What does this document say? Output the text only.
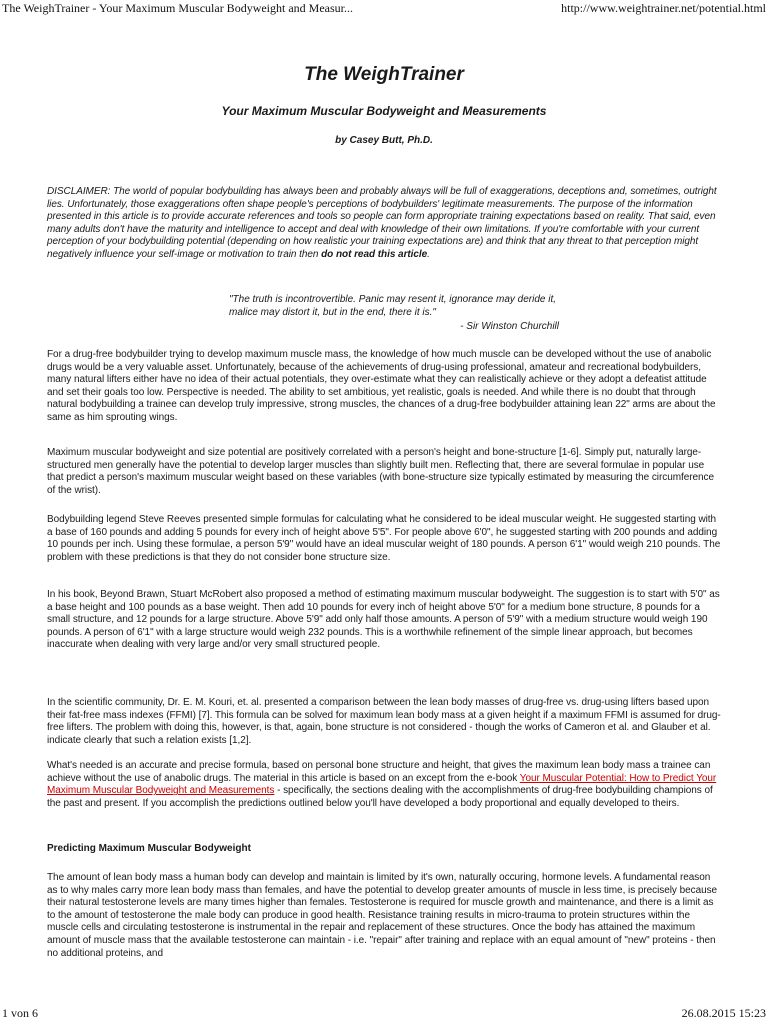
The WeighTrainer - Your Maximum Muscular Bodyweight and Measur...	http://www.weightrainer.net/potential.html
The WeighTrainer
Your Maximum Muscular Bodyweight and Measurements

by Casey Butt, Ph.D.

DISCLAIMER: The world of popular bodybuilding has always been and probably always will be full of exaggerations, deceptions and, sometimes, outright lies. Unfortunately, those exaggerations often shape people's perceptions of bodybuilders' legitimate measurements. The purpose of the information presented in this article is to provide accurate references and tools so people can form appropriate training expectations based on reality. That said, even many adults don't have the maturity and intelligence to accept and deal with knowledge of their own limitations. If you're comfortable with your current perception of your bodybuilding potential (depending on how realistic your training expectations are) and think that any threat to that perception might negatively influence your self-image or motivation to train then do not read this article.

"The truth is incontrovertible. Panic may resent it, ignorance may deride it, malice may distort it, but in the end, there it is."
- Sir Winston Churchill

For a drug-free bodybuilder trying to develop maximum muscle mass, the knowledge of how much muscle can be developed without the use of anabolic drugs would be a very valuable asset. Unfortunately, because of the achievements of drug-using professional, amateur and recreational bodybuilders, many natural lifters either have no idea of their actual potentials, they over-estimate what they can realistically achieve or they adopt a defeatist attitude and set their goals too low. Perspective is needed. The ability to set ambitious, yet realistic, goals is needed. And while there is no doubt that through natural bodybuilding a trainee can develop truly impressive, strong muscles, the chances of a drug-free bodybuilder attaining lean 22" arms are about the same as him sprouting wings.

Maximum muscular bodyweight and size potential are positively correlated with a person's height and bone-structure [1-6]. Simply put, naturally large-structured men generally have the potential to develop larger muscles than slightly built men. Reflecting that, there are several formulae in popular use that predict a person's maximum muscular weight based on these variables (with bone-structure size typically estimated by measuring the circumference of the wrist).

Bodybuilding legend Steve Reeves presented simple formulas for calculating what he considered to be ideal muscular weight. He suggested starting with a base of 160 pounds and adding 5 pounds for every inch of height above 5'5". For people above 6'0", he suggested starting with 200 pounds and adding 10 pounds per inch. Using these formulae, a person 5'9" would have an ideal muscular weight of 180 pounds. A person 6'1" would weigh 210 pounds. The problem with these predictions is that they do not consider bone structure size.

In his book, Beyond Brawn, Stuart McRobert also proposed a method of estimating maximum muscular bodyweight. The suggestion is to start with 5'0" as a base height and 100 pounds as a base weight. Then add 10 pounds for every inch of height above 5'0" for a medium bone structure, 8 pounds for a small structure, and 12 pounds for a large structure. Above 5'9" add only half those amounts. A person of 5'9" with a medium structure would weigh 190 pounds. A person of 6'1" with a large structure would weigh 232 pounds. This is a worthwhile refinement of the simple linear approach, but becomes inaccurate when dealing with very large and/or very small structured people.

In the scientific community, Dr. E. M. Kouri, et. al. presented a comparison between the lean body masses of drug-free vs. drug-using lifters based upon their fat-free mass indexes (FFMI) [7]. This formula can be solved for maximum lean body mass at a given height if a maximum FFMI is assumed for drug-free lifters. The problem with doing this, however, is that, again, bone structure is not considered - though the works of Cameron et al. and Glauber et al. indicate clearly that such a relation exists [1,2].

What's needed is an accurate and precise formula, based on personal bone structure and height, that gives the maximum lean body mass a trainee can achieve without the use of anabolic drugs. The material in this article is based on an except from the e-book Your Muscular Potential: How to Predict Your Maximum Muscular Bodyweight and Measurements - specifically, the sections dealing with the accomplishments of drug-free bodybuilding champions of the past and present. If you accomplish the predictions outlined below you'll have developed a body proportional and equally developed to theirs.

Predicting Maximum Muscular Bodyweight

The amount of lean body mass a human body can develop and maintain is limited by it's own, naturally occuring, hormone levels. A fundamental reason as to why males carry more lean body mass than females, and have the potential to develop greater amounts of muscle in less time, is precisely because their natural testosterone levels are many times higher than females. Testosterone is required for muscle growth and maintenance, and there is a limit as to the amount of testosterone the male body can produce in good health. Resistance training results in micro-trauma to protein structures within the muscle cells and circulating testosterone is instrumental in the repair and replacement of these structures. Once the body has attained the maximum amount of muscle mass that the available testosterone can maintain - i.e. "repair" after training and replace with an equal amount of "new" proteins - then no additional proteins, and

1 von 6	26.08.2015 15:23
